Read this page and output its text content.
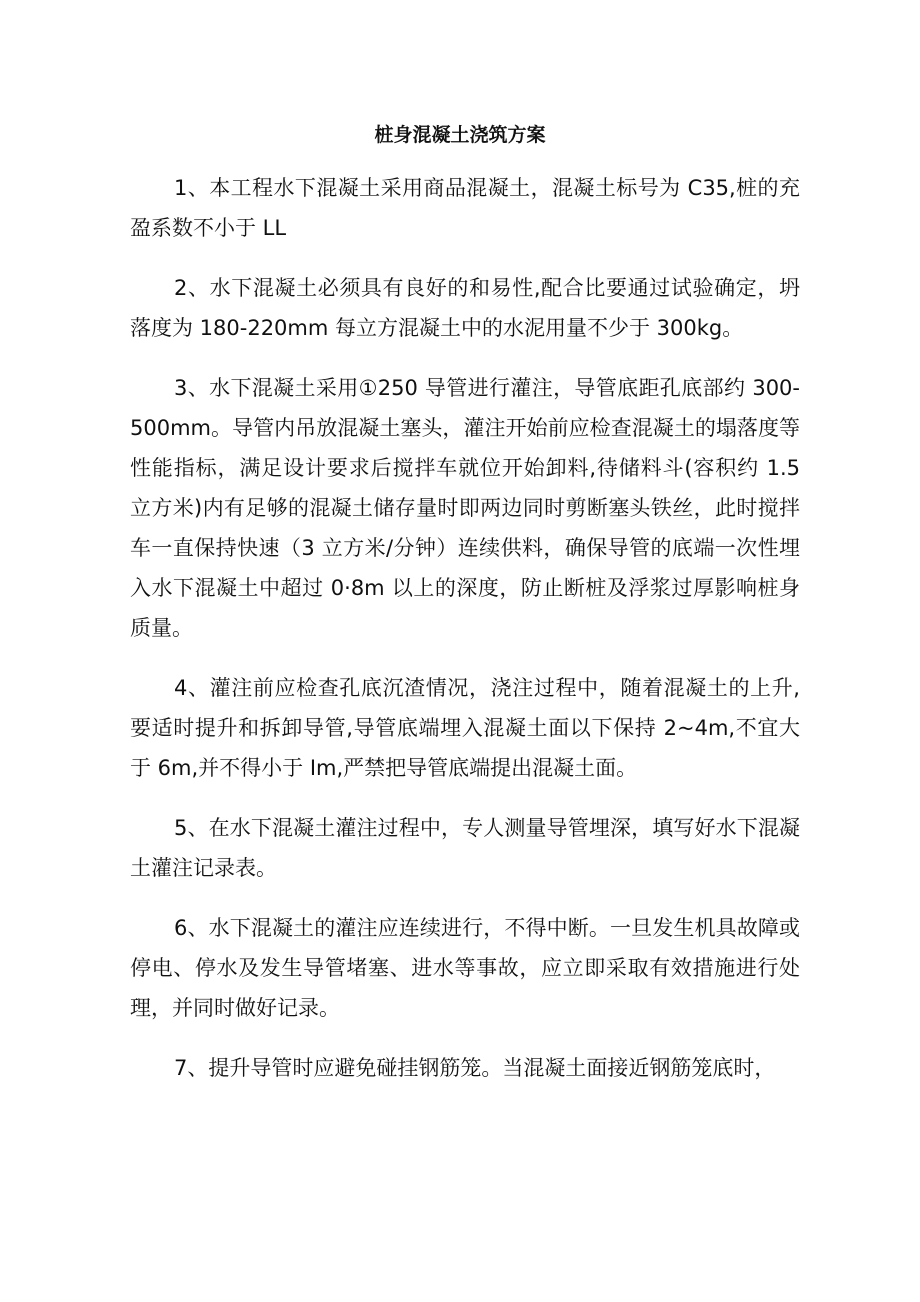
桩身混凝土浇筑方案

1、本工程水下混凝土采用商品混凝土，混凝土标号为 C35,桩的充盈系数不小于 LL

2、水下混凝土必须具有良好的和易性,配合比要通过试验确定，坍落度为 180-220mm 每立方混凝土中的水泥用量不少于 300kg。

3、水下混凝土采用①250 导管进行灌注，导管底距孔底部约 300-500mm。导管内吊放混凝土塞头，灌注开始前应检查混凝土的塌落度等性能指标，满足设计要求后搅拌车就位开始卸料,待储料斗(容积约 1.5 立方米)内有足够的混凝土储存量时即两边同时剪断塞头铁丝，此时搅拌车一直保持快速（3 立方米/分钟）连续供料，确保导管的底端一次性埋入水下混凝土中超过 0·8m 以上的深度，防止断桩及浮浆过厚影响桩身质量。

4、灌注前应检查孔底沉渣情况，浇注过程中，随着混凝土的上升,要适时提升和拆卸导管,导管底端埋入混凝土面以下保持 2~4m,不宜大于 6m,并不得小于 Im,严禁把导管底端提出混凝土面。

5、在水下混凝土灌注过程中，专人测量导管埋深，填写好水下混凝土灌注记录表。

6、水下混凝土的灌注应连续进行，不得中断。一旦发生机具故障或停电、停水及发生导管堵塞、进水等事故，应立即采取有效措施进行处理，并同时做好记录。

7、提升导管时应避免碰挂钢筋笼。当混凝土面接近钢筋笼底时，
